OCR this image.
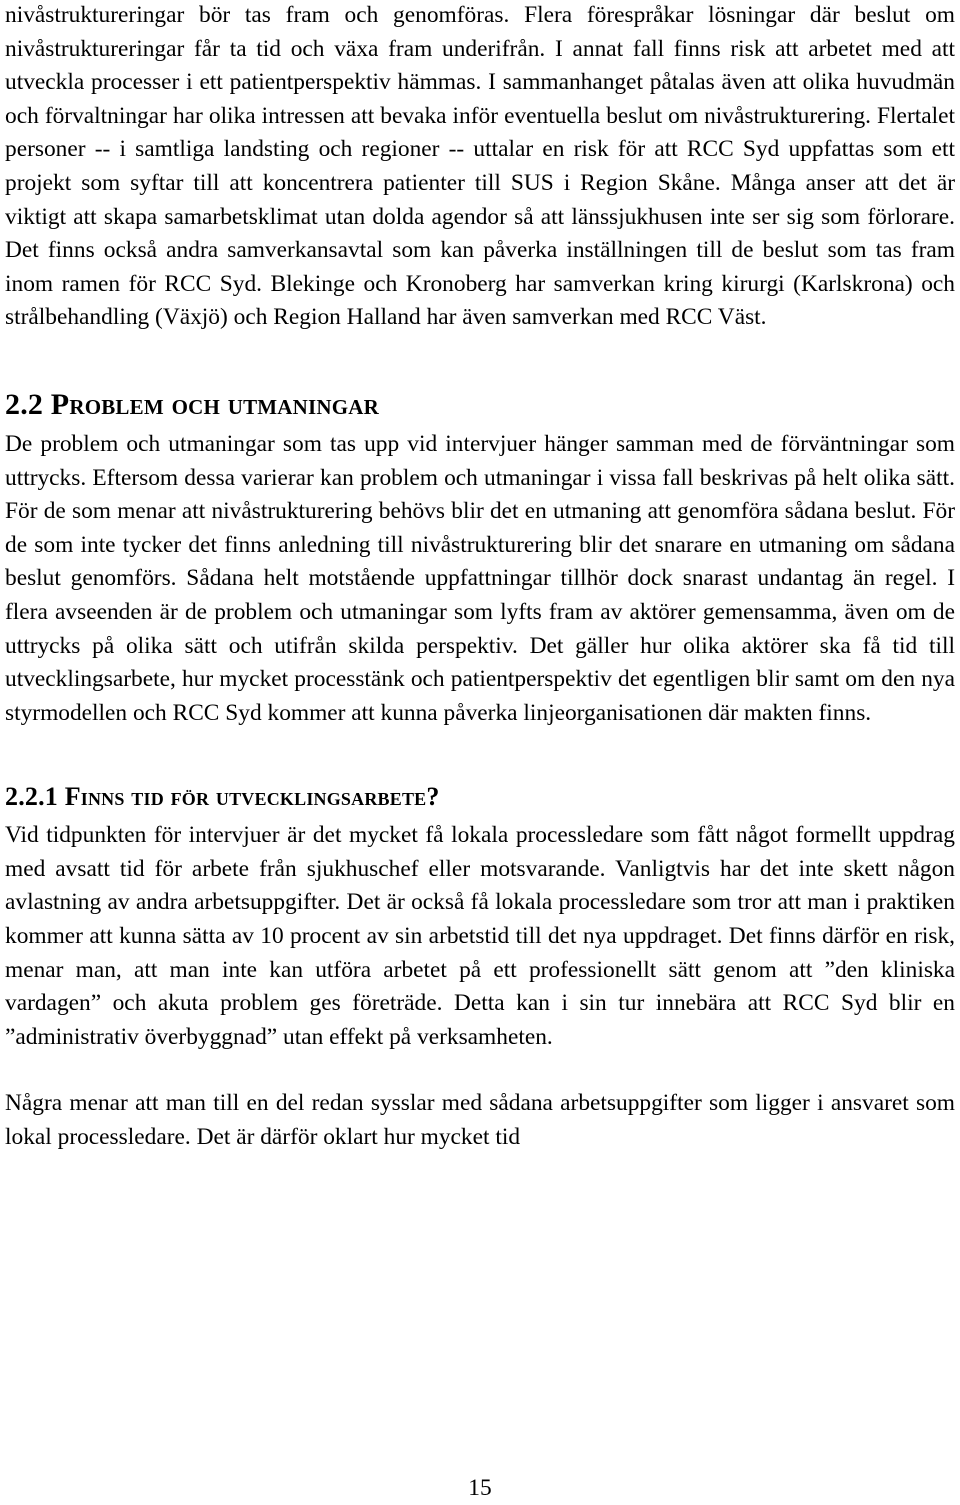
nivåstruktureringar bör tas fram och genomföras. Flera förespråkar lösningar där beslut om nivåstruktureringar får ta tid och växa fram underifrån. I annat fall finns risk att arbetet med att utveckla processer i ett patientperspektiv hämmas. I sammanhanget påtalas även att olika huvudmän och förvaltningar har olika intressen att bevaka inför eventuella beslut om nivåstrukturering. Flertalet personer -- i samtliga landsting och regioner -- uttalar en risk för att RCC Syd uppfattas som ett projekt som syftar till att koncentrera patienter till SUS i Region Skåne. Många anser att det är viktigt att skapa samarbetsklimat utan dolda agendor så att länssjukhusen inte ser sig som förlorare. Det finns också andra samverkansavtal som kan påverka inställningen till de beslut som tas fram inom ramen för RCC Syd. Blekinge och Kronoberg har samverkan kring kirurgi (Karlskrona) och strålbehandling (Växjö) och Region Halland har även samverkan med RCC Väst.

2.2 Problem och utmaningar

De problem och utmaningar som tas upp vid intervjuer hänger samman med de förväntningar som uttrycks. Eftersom dessa varierar kan problem och utmaningar i vissa fall beskrivas på helt olika sätt. För de som menar att nivåstrukturering behövs blir det en utmaning att genomföra sådana beslut. För de som inte tycker det finns anledning till nivåstrukturering blir det snarare en utmaning om sådana beslut genomförs. Sådana helt motstående uppfattningar tillhör dock snarast undantag än regel. I flera avseenden är de problem och utmaningar som lyfts fram av aktörer gemensamma, även om de uttrycks på olika sätt och utifrån skilda perspektiv. Det gäller hur olika aktörer ska få tid till utvecklingsarbete, hur mycket processtänk och patientperspektiv det egentligen blir samt om den nya styrmodellen och RCC Syd kommer att kunna påverka linjeorganisationen där makten finns.

2.2.1 Finns tid för utvecklingsarbete?

Vid tidpunkten för intervjuer är det mycket få lokala processledare som fått något formellt uppdrag med avsatt tid för arbete från sjukhuschef eller motsvarande. Vanligtvis har det inte skett någon avlastning av andra arbetsuppgifter. Det är också få lokala processledare som tror att man i praktiken kommer att kunna sätta av 10 procent av sin arbetstid till det nya uppdraget. Det finns därför en risk, menar man, att man inte kan utföra arbetet på ett professionellt sätt genom att ”den kliniska vardagen” och akuta problem ges företräde. Detta kan i sin tur innebära att RCC Syd blir en ”administrativ överbyggnad” utan effekt på verksamheten.

Några menar att man till en del redan sysslar med sådana arbetsuppgifter som ligger i ansvaret som lokal processledare. Det är därför oklart hur mycket tid

15
